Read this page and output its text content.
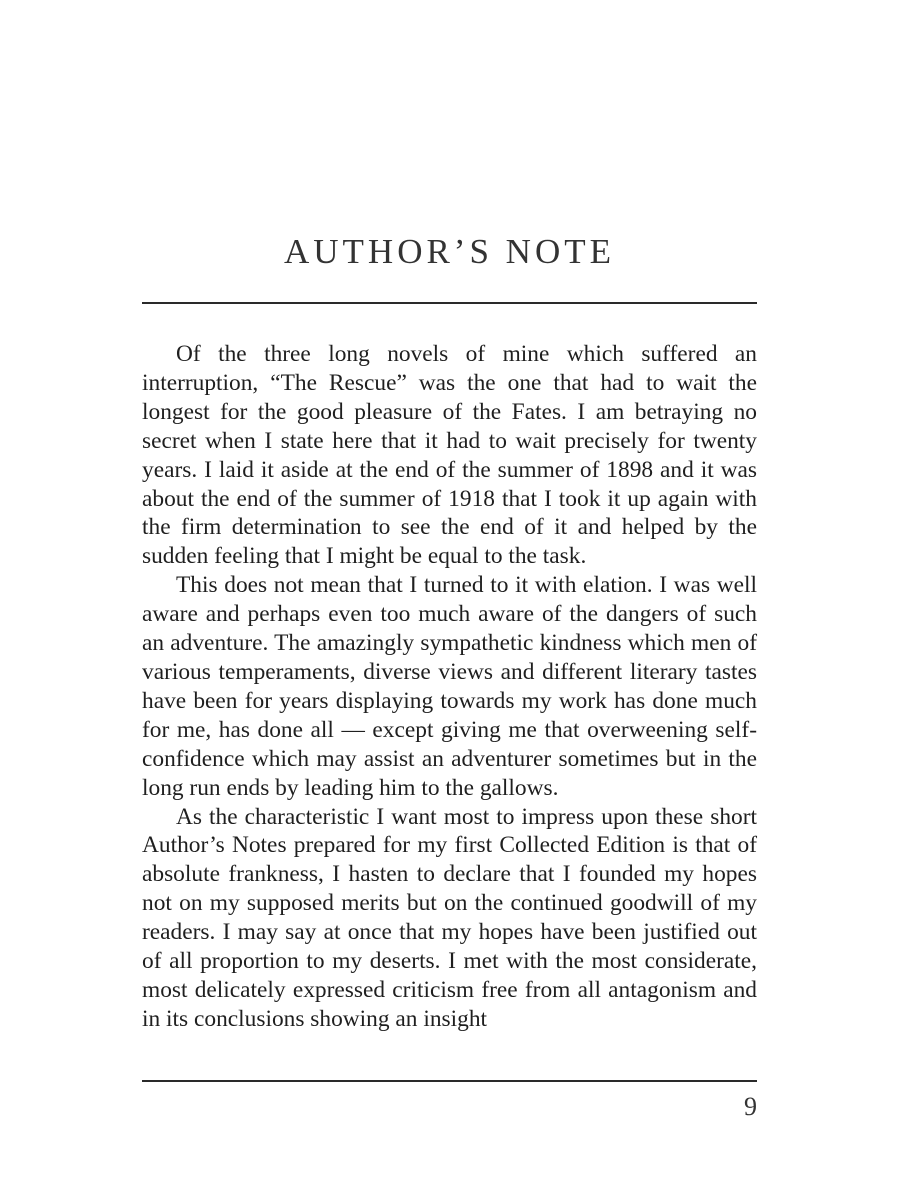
AUTHOR’S NOTE

Of the three long novels of mine which suffered an interruption, “The Rescue” was the one that had to wait the longest for the good pleasure of the Fates. I am betraying no secret when I state here that it had to wait precisely for twenty years. I laid it aside at the end of the summer of 1898 and it was about the end of the summer of 1918 that I took it up again with the firm determination to see the end of it and helped by the sudden feeling that I might be equal to the task.

This does not mean that I turned to it with elation. I was well aware and perhaps even too much aware of the dangers of such an adventure. The amazingly sympathetic kindness which men of various temperaments, diverse views and different literary tastes have been for years displaying towards my work has done much for me, has done all — except giving me that overweening self-confidence which may assist an adventurer sometimes but in the long run ends by leading him to the gallows.

As the characteristic I want most to impress upon these short Author’s Notes prepared for my first Collected Edition is that of absolute frankness, I hasten to declare that I founded my hopes not on my supposed merits but on the continued goodwill of my readers. I may say at once that my hopes have been justified out of all proportion to my deserts. I met with the most considerate, most delicately expressed criticism free from all antagonism and in its conclusions showing an insight

9
